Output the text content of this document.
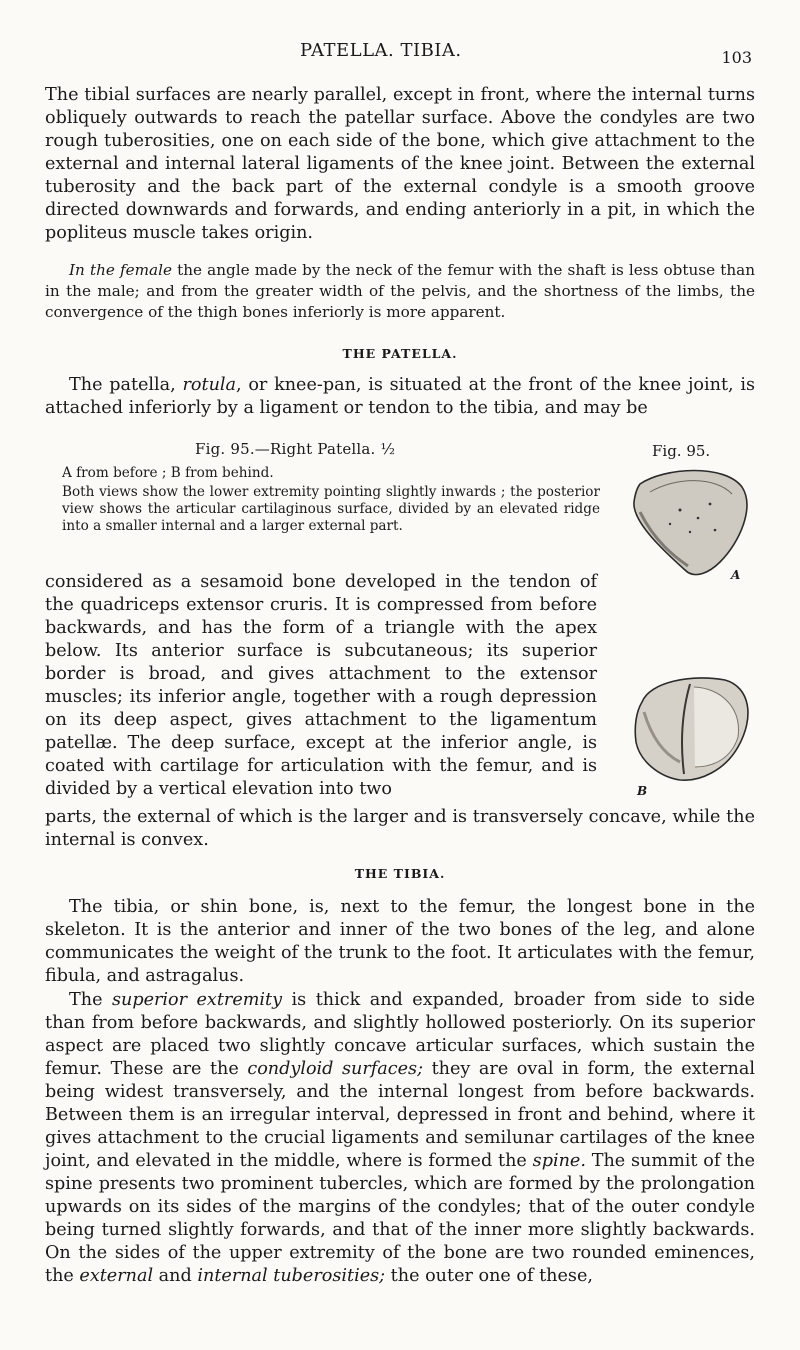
PATELLA. TIBIA.	103
The tibial surfaces are nearly parallel, except in front, where the internal turns obliquely outwards to reach the patellar surface. Above the condyles are two rough tuberosities, one on each side of the bone, which give attachment to the external and internal lateral ligaments of the knee joint. Between the external tuberosity and the back part of the external condyle is a smooth groove directed downwards and forwards, and ending anteriorly in a pit, in which the popliteus muscle takes origin.
In the female the angle made by the neck of the femur with the shaft is less obtuse than in the male; and from the greater width of the pelvis, and the shortness of the limbs, the convergence of the thigh bones inferiorly is more apparent.
THE PATELLA.
The patella, rotula, or knee-pan, is situated at the front of the knee joint, is attached inferiorly by a ligament or tendon to the tibia, and may be
Fig. 95.—Right Patella. ½	Fig. 95.

A from before ; B from behind.

Both views show the lower extremity pointing slightly inwards ; the posterior view shows the articular cartilaginous surface, divided by an elevated ridge into a smaller internal and a larger external part.

A
B
considered as a sesamoid bone developed in the tendon of the quadriceps extensor cruris. It is compressed from before backwards, and has the form of a triangle with the apex below. Its anterior surface is subcutaneous; its superior border is broad, and gives attachment to the extensor muscles; its inferior angle, together with a rough depression on its deep aspect, gives attachment to the ligamentum patellæ. The deep surface, except at the inferior angle, is coated with cartilage for articulation with the femur, and is divided by a vertical elevation into two
parts, the external of which is the larger and is transversely concave, while the internal is convex.
THE TIBIA.
The tibia, or shin bone, is, next to the femur, the longest bone in the skeleton. It is the anterior and inner of the two bones of the leg, and alone communicates the weight of the trunk to the foot. It articulates with the femur, fibula, and astragalus.
The superior extremity is thick and expanded, broader from side to side than from before backwards, and slightly hollowed posteriorly. On its superior aspect are placed two slightly concave articular surfaces, which sustain the femur. These are the condyloid surfaces; they are oval in form, the external being widest transversely, and the internal longest from before backwards. Between them is an irregular interval, depressed in front and behind, where it gives attachment to the crucial ligaments and semilunar cartilages of the knee joint, and elevated in the middle, where is formed the spine. The summit of the spine presents two prominent tubercles, which are formed by the prolongation upwards on its sides of the margins of the condyles; that of the outer condyle being turned slightly forwards, and that of the inner more slightly backwards. On the sides of the upper extremity of the bone are two rounded eminences, the external and internal tuberosities; the outer one of these,
